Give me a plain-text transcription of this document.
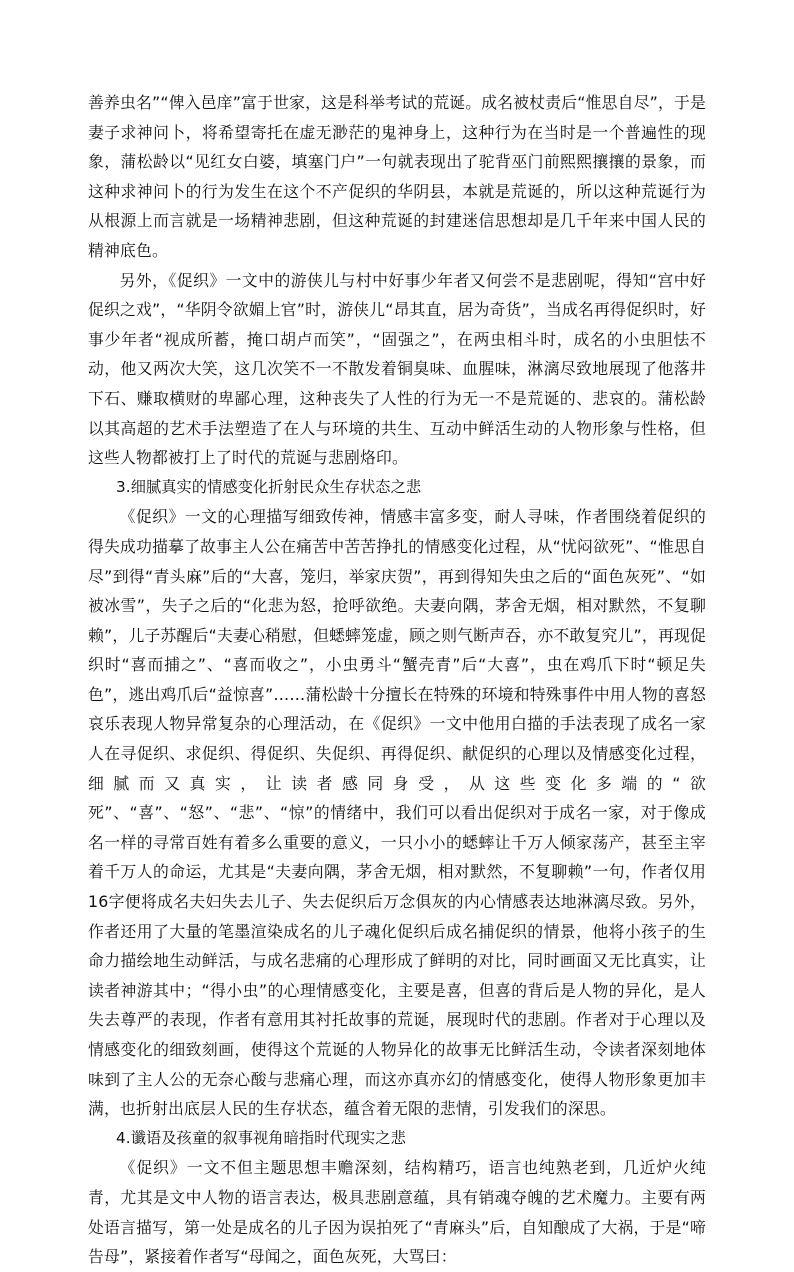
善养虫名”“俾入邑庠”富于世家，这是科举考试的荒诞。成名被杖责后“惟思自尽”，于是妻子求神问卜，将希望寄托在虚无渺茫的鬼神身上，这种行为在当时是一个普遍性的现象，蒲松龄以“见红女白婆，填塞门户”一句就表现出了驼背巫门前熙熙攘攘的景象，而这种求神问卜的行为发生在这个不产促织的华阴县，本就是荒诞的，所以这种荒诞行为从根源上而言就是一场精神悲剧，但这种荒诞的封建迷信思想却是几千年来中国人民的精神底色。

另外，《促织》一文中的游侠儿与村中好事少年者又何尝不是悲剧呢，得知“宫中好促织之戏”，“华阴令欲媚上官”时，游侠儿“昂其直，居为奇货”，当成名再得促织时，好事少年者“视成所蓄，掩口胡卢而笑”，“固强之”，在两虫相斗时，成名的小虫胆怯不动，他又两次大笑，这几次笑不一不散发着铜臭味、血腥味，淋漓尽致地展现了他落井下石、赚取横财的卑鄙心理，这种丧失了人性的行为无一不是荒诞的、悲哀的。蒲松龄以其高超的艺术手法塑造了在人与环境的共生、互动中鲜活生动的人物形象与性格，但这些人物都被打上了时代的荒诞与悲剧烙印。

3.细腻真实的情感变化折射民众生存状态之悲

《促织》一文的心理描写细致传神，情感丰富多变，耐人寻味，作者围绕着促织的得失成功描摹了故事主人公在痛苦中苦苦挣扎的情感变化过程，从“忧闷欲死”、“惟思自尽”到得“青头麻”后的“大喜，笼归，举家庆贺”，再到得知失虫之后的“面色灰死”、“如被冰雪”，失子之后的“化悲为怒，抢呼欲绝。夫妻向隅，茅舍无烟，相对默然，不复聊赖”，儿子苏醒后“夫妻心稍慰，但蟋蟀笼虚，顾之则气断声吞，亦不敢复究儿”，再现促织时“喜而捕之”、“喜而收之”，小虫勇斗“蟹壳青”后“大喜”，虫在鸡爪下时“顿足失色”，逃出鸡爪后“益惊喜”……蒲松龄十分擅长在特殊的环境和特殊事件中用人物的喜怒哀乐表现人物异常复杂的心理活动，在《促织》一文中他用白描的手法表现了成名一家人在寻促织、求促织、得促织、失促织、再得促织、献促织的心理以及情感变化过程，细腻而又真实，让读者感同身受，从这些变化多端的“欲死”、“喜”、“怒”、“悲”、“惊”的情绪中，我们可以看出促织对于成名一家，对于像成名一样的寻常百姓有着多么重要的意义，一只小小的蟋蟀让千万人倾家荡产，甚至主宰着千万人的命运，尤其是“夫妻向隅，茅舍无烟，相对默然，不复聊赖”一句，作者仅用16字便将成名夫妇失去儿子、失去促织后万念俱灰的内心情感表达地淋漓尽致。另外，作者还用了大量的笔墨渲染成名的儿子魂化促织后成名捕促织的情景，他将小孩子的生命力描绘地生动鲜活，与成名悲痛的心理形成了鲜明的对比，同时画面又无比真实，让读者神游其中；“得小虫”的心理情感变化，主要是喜，但喜的背后是人物的异化，是人失去尊严的表现，作者有意用其衬托故事的荒诞，展现时代的悲剧。作者对于心理以及情感变化的细致刻画，使得这个荒诞的人物异化的故事无比鲜活生动，令读者深刻地体味到了主人公的无奈心酸与悲痛心理，而这亦真亦幻的情感变化，使得人物形象更加丰满，也折射出底层人民的生存状态，蕴含着无限的悲情，引发我们的深思。

4.谶语及孩童的叙事视角暗指时代现实之悲

《促织》一文不但主题思想丰赡深刻，结构精巧，语言也纯熟老到，几近炉火纯青，尤其是文中人物的语言表达，极具悲剧意蕴，具有销魂夺魄的艺术魔力。主要有两处语言描写，第一处是成名的儿子因为误拍死了“青麻头”后，自知酿成了大祸，于是“啼告母”，紧接着作者写“母闻之，面色灰死，大骂曰：
